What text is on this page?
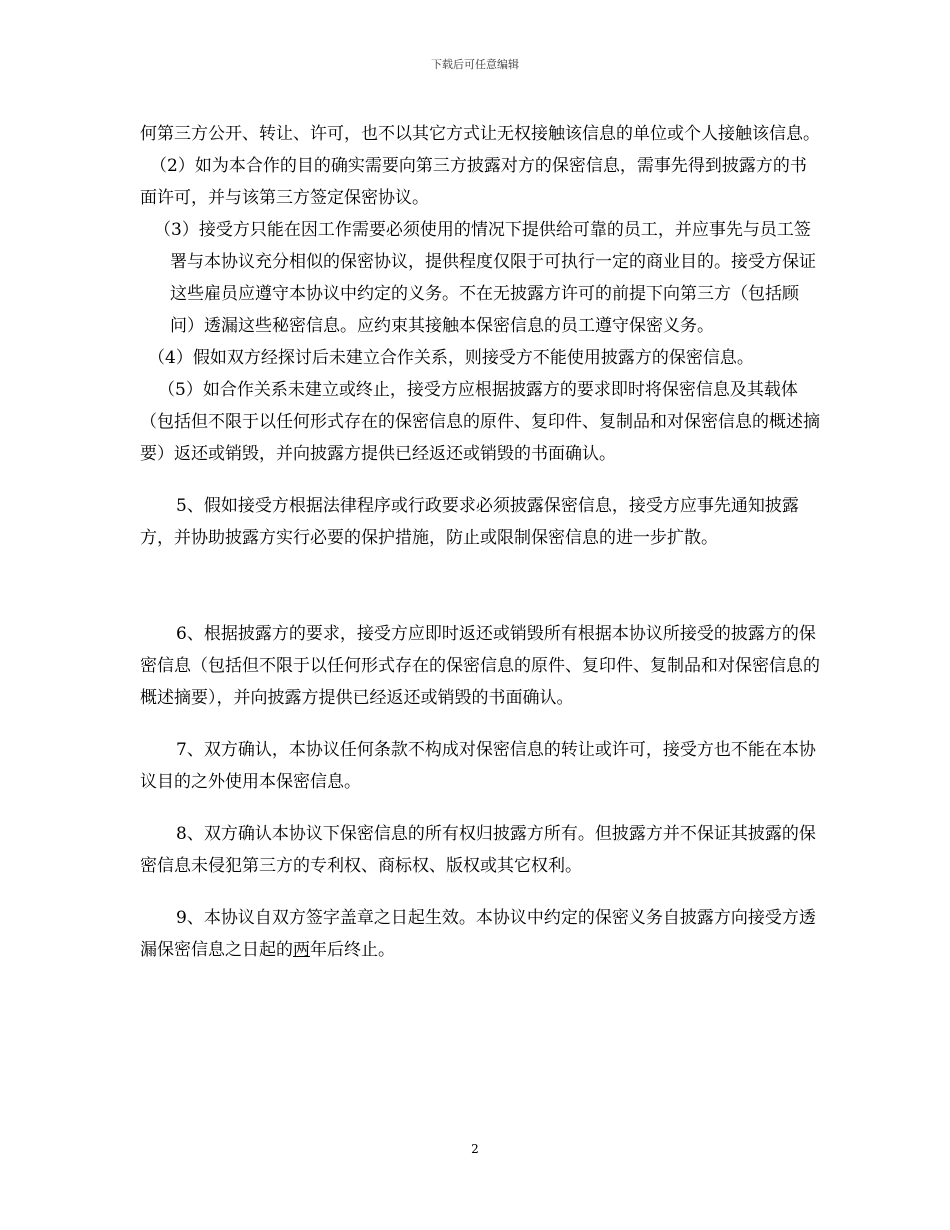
下载后可任意编辑

何第三方公开、转让、许可，也不以其它方式让无权接触该信息的单位或个人接触该信息。

（2）如为本合作的目的确实需要向第三方披露对方的保密信息，需事先得到披露方的书面许可，并与该第三方签定保密协议。

（3）接受方只能在因工作需要必须使用的情况下提供给可靠的员工，并应事先与员工签署与本协议充分相似的保密协议，提供程度仅限于可执行一定的商业目的。接受方保证这些雇员应遵守本协议中约定的义务。不在无披露方许可的前提下向第三方（包括顾问）透漏这些秘密信息。应约束其接触本保密信息的员工遵守保密义务。

（4）假如双方经探讨后未建立合作关系，则接受方不能使用披露方的保密信息。

（5）如合作关系未建立或终止，接受方应根据披露方的要求即时将保密信息及其载体（包括但不限于以任何形式存在的保密信息的原件、复印件、复制品和对保密信息的概述摘要）返还或销毁，并向披露方提供已经返还或销毁的书面确认。

5、假如接受方根据法律程序或行政要求必须披露保密信息，接受方应事先通知披露方，并协助披露方实行必要的保护措施，防止或限制保密信息的进一步扩散。

6、根据披露方的要求，接受方应即时返还或销毁所有根据本协议所接受的披露方的保密信息（包括但不限于以任何形式存在的保密信息的原件、复印件、复制品和对保密信息的概述摘要），并向披露方提供已经返还或销毁的书面确认。

7、双方确认，本协议任何条款不构成对保密信息的转让或许可，接受方也不能在本协议目的之外使用本保密信息。

8、双方确认本协议下保密信息的所有权归披露方所有。但披露方并不保证其披露的保密信息未侵犯第三方的专利权、商标权、版权或其它权利。

9、本协议自双方签字盖章之日起生效。本协议中约定的保密义务自披露方向接受方透漏保密信息之日起的两年后终止。

2
